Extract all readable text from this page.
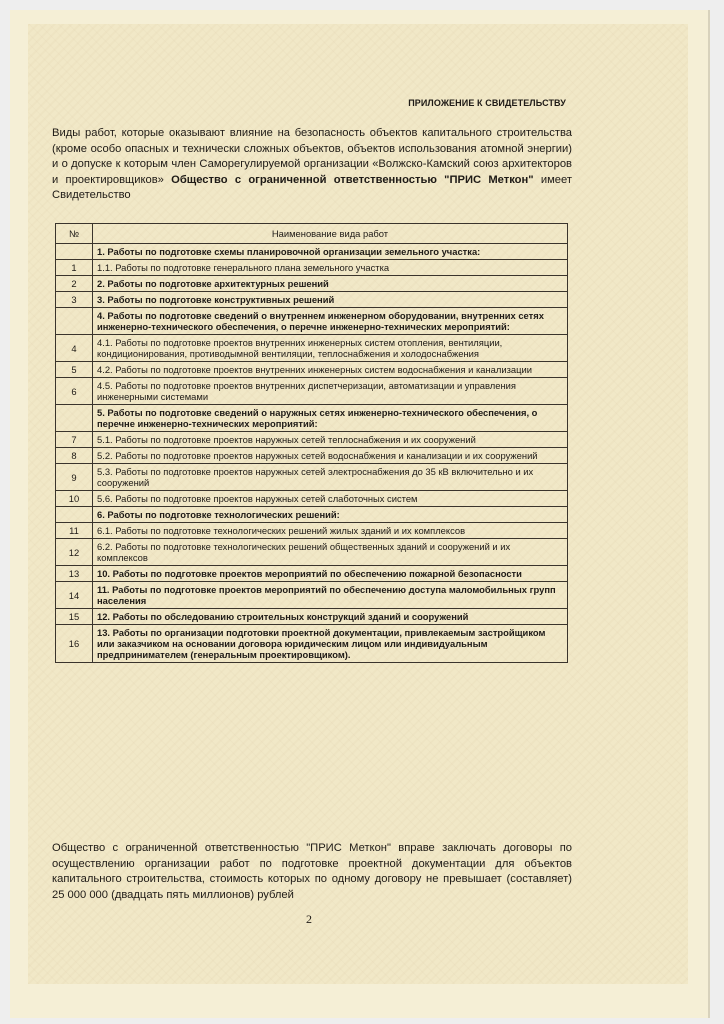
ПРИЛОЖЕНИЕ К СВИДЕТЕЛЬСТВУ
Виды работ, которые оказывают влияние на безопасность объектов капитального строительства (кроме особо опасных и технически сложных объектов, объектов использования атомной энергии) и о допуске к которым член Саморегулируемой организации «Волжско-Камский союз архитекторов и проектировщиков» Общество с ограниченной ответственностью "ПРИС Меткон" имеет Свидетельство
№	Наименование вида работ
	1. Работы по подготовке схемы планировочной организации земельного участка:
1	1.1. Работы по подготовке генерального плана земельного участка
2	2. Работы по подготовке архитектурных решений
3	3. Работы по подготовке конструктивных решений
	4. Работы по подготовке сведений о внутреннем инженерном оборудовании, внутренних сетях инженерно-технического обеспечения, о перечне инженерно-технических мероприятий:
4	4.1. Работы по подготовке проектов внутренних инженерных систем отопления, вентиляции, кондиционирования, противодымной вентиляции, теплоснабжения и холодоснабжения
5	4.2. Работы по подготовке проектов внутренних инженерных систем водоснабжения и канализации
6	4.5. Работы по подготовке проектов внутренних диспетчеризации, автоматизации и управления инженерными системами
	5. Работы по подготовке сведений о наружных сетях инженерно-технического обеспечения, о перечне инженерно-технических мероприятий:
7	5.1. Работы по подготовке проектов наружных сетей теплоснабжения и их сооружений
8	5.2. Работы по подготовке проектов наружных сетей водоснабжения и канализации и их сооружений
9	5.3. Работы по подготовке проектов наружных сетей электроснабжения до 35 кВ включительно и их сооружений
10	5.6. Работы по подготовке проектов наружных сетей слаботочных систем
	6. Работы по подготовке технологических решений:
11	6.1. Работы по подготовке технологических решений жилых зданий и их комплексов
12	6.2. Работы по подготовке технологических решений общественных зданий и сооружений и их комплексов
13	10. Работы по подготовке проектов мероприятий по обеспечению пожарной безопасности
14	11. Работы по подготовке проектов мероприятий по обеспечению доступа маломобильных групп населения
15	12. Работы по обследованию строительных конструкций зданий и сооружений
16	13. Работы по организации подготовки проектной документации, привлекаемым застройщиком или заказчиком на основании договора юридическим лицом или индивидуальным предпринимателем (генеральным проектировщиком).
Общество с ограниченной ответственностью "ПРИС Меткон" вправе заключать договоры по осуществлению организации работ по подготовке проектной документации для объектов капитального строительства, стоимость которых по одному договору не превышает (составляет) 25 000 000 (двадцать пять миллионов) рублей
2
